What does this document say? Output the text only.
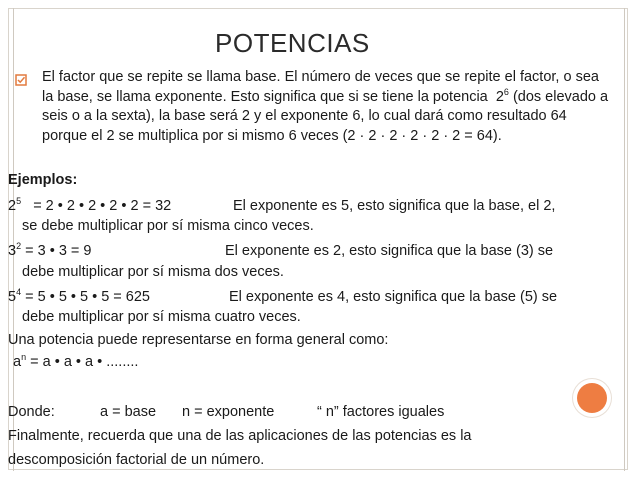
POTENCIAS
El factor que se repite se llama base. El número de veces que se repite el factor, o sea la base, se llama exponente. Esto significa que si se tiene la potencia $2^6$ (dos elevado a seis o a la sexta), la base será 2 y el exponente 6, lo cual dará como resultado 64 porque el 2 se multiplica por si mismo 6 veces (2 · 2 · 2 · 2 · 2 · 2 = 64).
Ejemplos:
$2^5 = 2$ • 2 • 2 • 2 • 2 = 32	El exponente es 5, esto significa que la base, el 2,
se debe multiplicar por sí misma cinco veces.
$3^2 = 3$ • 3 = 9	El exponente es 2, esto significa que la base (3) se
debe multiplicar por sí misma dos veces.
$5^4 = 5$ • 5 • 5 • 5 = 625	El exponente es 4, esto significa que la base (5) se
debe multiplicar por sí misma cuatro veces.
Una potencia puede representarse en forma general como:
$a^n = a$ • a • a • ........
Donde:	a = base n = exponente	“ n” factores iguales
Finalmente, recuerda que una de las aplicaciones de las potencias es la
descomposición factorial de un número.
